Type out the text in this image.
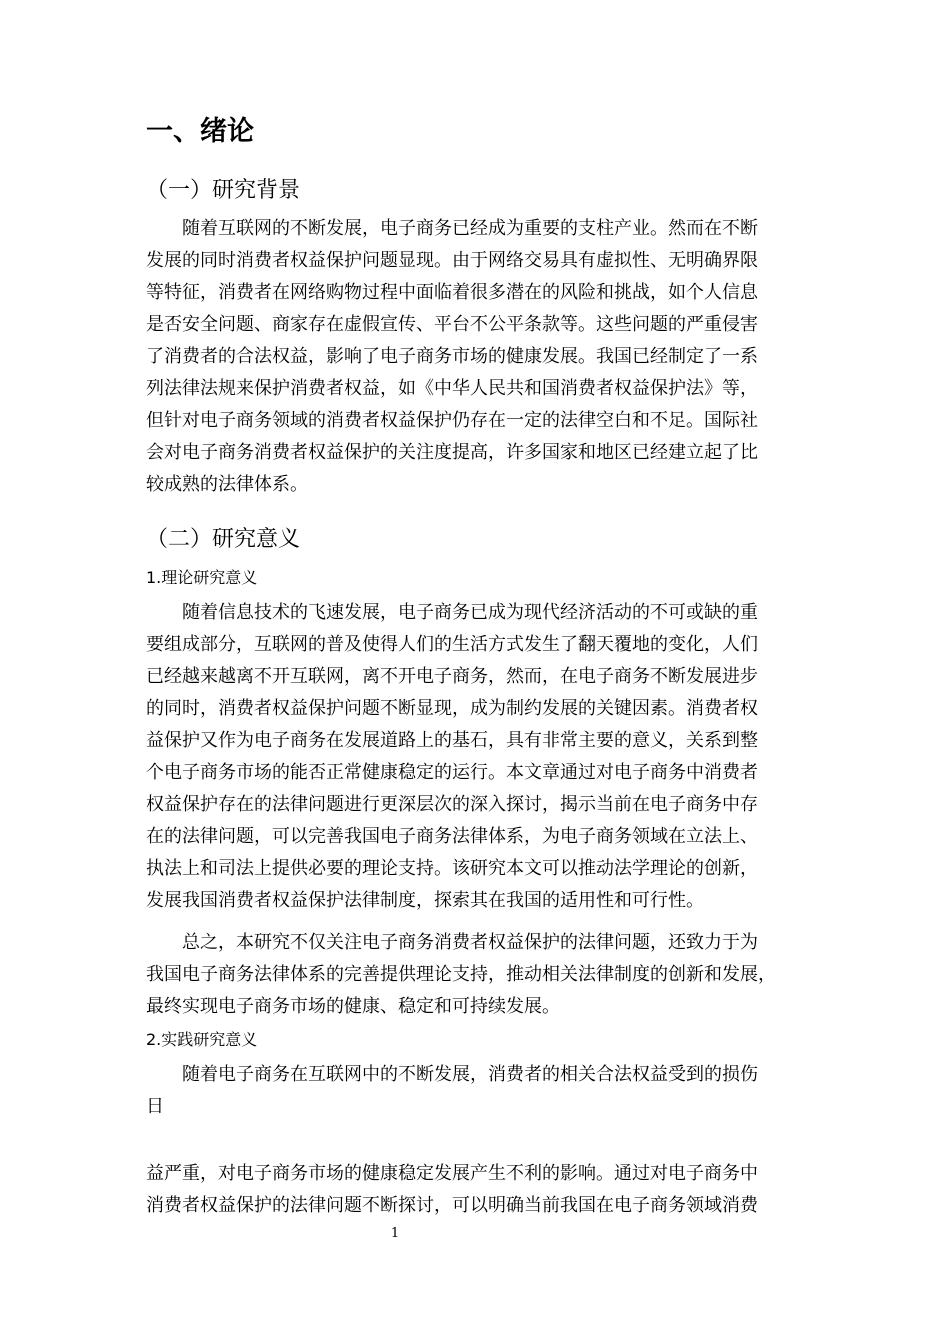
一、绪论
（一）研究背景
随着互联网的不断发展，电子商务已经成为重要的支柱产业。然而在不断
发展的同时消费者权益保护问题显现。由于网络交易具有虚拟性、无明确界限
等特征，消费者在网络购物过程中面临着很多潜在的风险和挑战，如个人信息
是否安全问题、商家存在虚假宣传、平台不公平条款等。这些问题的严重侵害
了消费者的合法权益，影响了电子商务市场的健康发展。我国已经制定了一系
列法律法规来保护消费者权益，如《中华人民共和国消费者权益保护法》等，
但针对电子商务领域的消费者权益保护仍存在一定的法律空白和不足。国际社
会对电子商务消费者权益保护的关注度提高，许多国家和地区已经建立起了比
较成熟的法律体系。
（二）研究意义
1.理论研究意义
随着信息技术的飞速发展，电子商务已成为现代经济活动的不可或缺的重
要组成部分，互联网的普及使得人们的生活方式发生了翻天覆地的变化，人们
已经越来越离不开互联网，离不开电子商务，然而，在电子商务不断发展进步
的同时，消费者权益保护问题不断显现，成为制约发展的关键因素。消费者权
益保护又作为电子商务在发展道路上的基石，具有非常主要的意义，关系到整
个电子商务市场的能否正常健康稳定的运行。本文章通过对电子商务中消费者
权益保护存在的法律问题进行更深层次的深入探讨，揭示当前在电子商务中存
在的法律问题，可以完善我国电子商务法律体系，为电子商务领域在立法上、
执法上和司法上提供必要的理论支持。该研究本文可以推动法学理论的创新，
发展我国消费者权益保护法律制度，探索其在我国的适用性和可行性。
总之，本研究不仅关注电子商务消费者权益保护的法律问题，还致力于为
我国电子商务法律体系的完善提供理论支持，推动相关法律制度的创新和发展，
最终实现电子商务市场的健康、稳定和可持续发展。
2.实践研究意义
随着电子商务在互联网中的不断发展，消费者的相关合法权益受到的损伤
日
益严重，对电子商务市场的健康稳定发展产生不利的影响。通过对电子商务中
消费者权益保护的法律问题不断探讨，可以明确当前我国在电子商务领域消费
1
